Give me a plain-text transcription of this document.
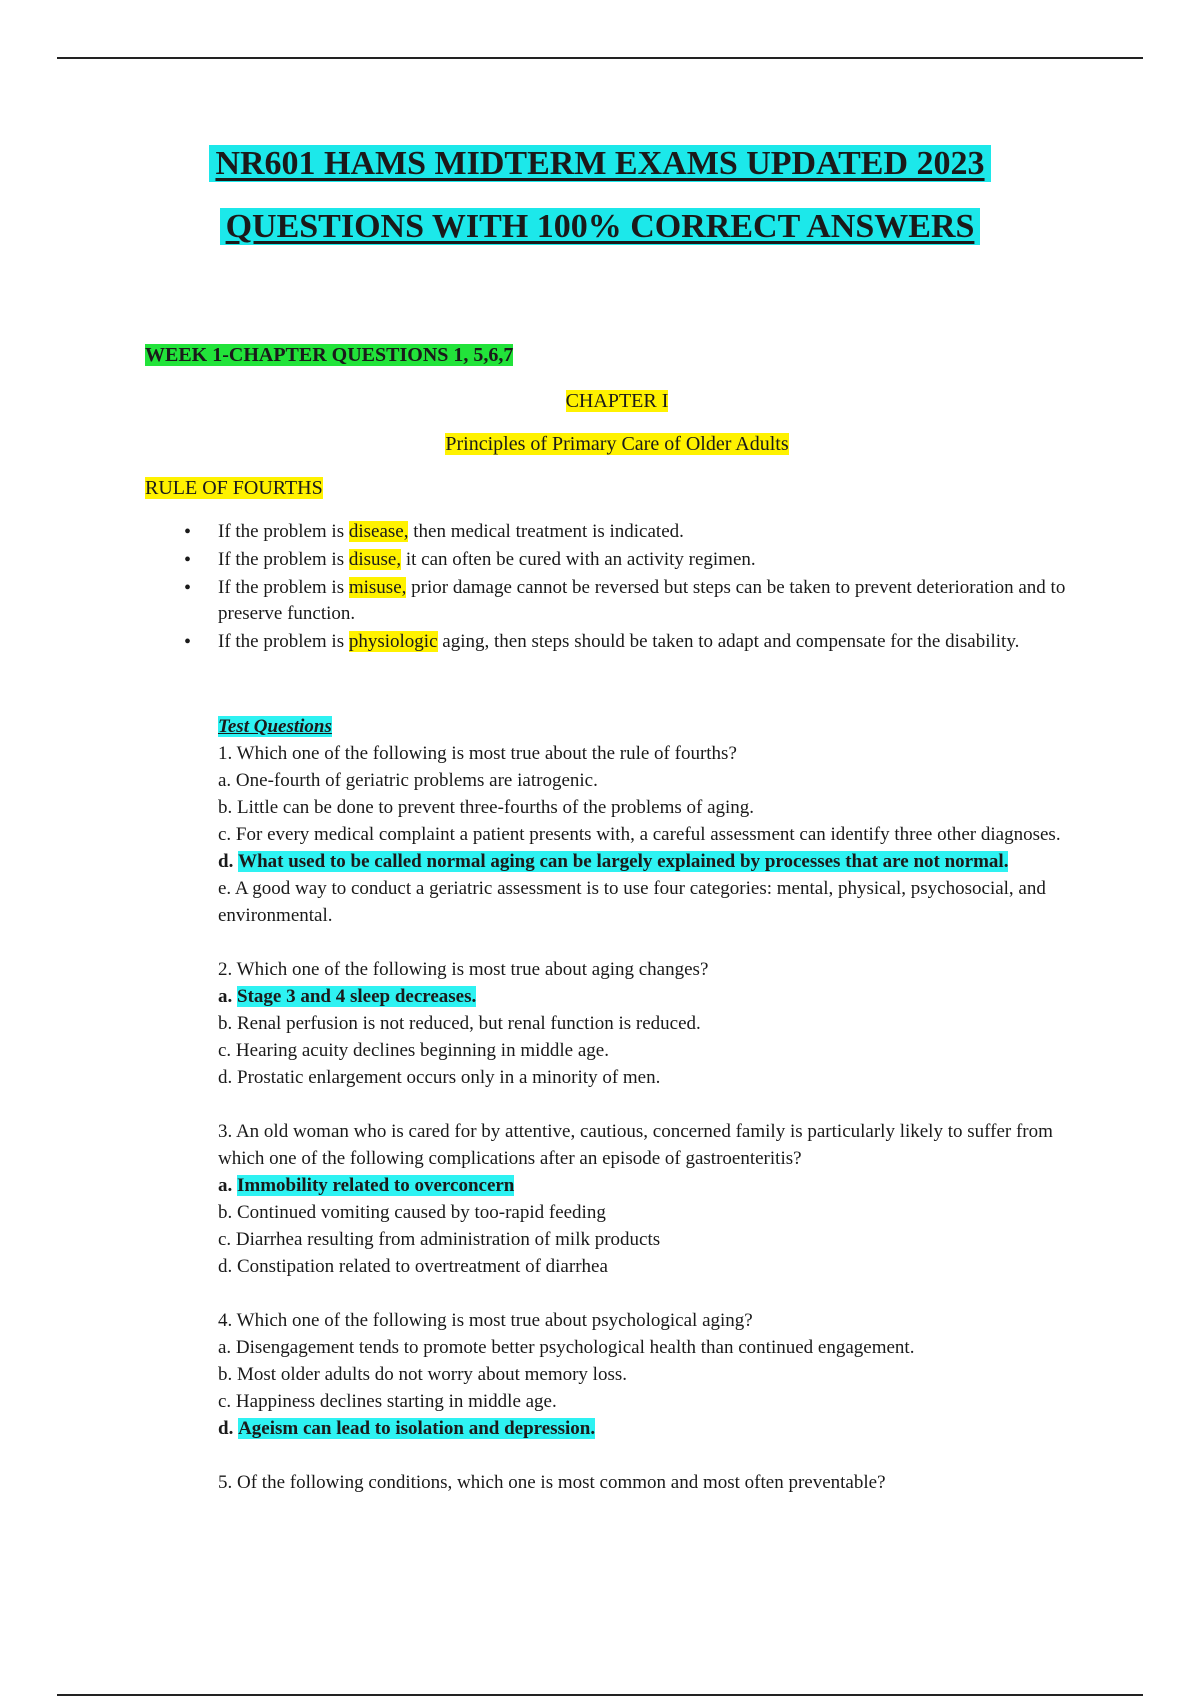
NR601 HAMS MIDTERM EXAMS UPDATED 2023
QUESTIONS WITH 100% CORRECT ANSWERS
WEEK 1-CHAPTER QUESTIONS 1, 5,6,7
CHAPTER I
Principles of Primary Care of Older Adults
RULE OF FOURTHS
• If the problem is disease, then medical treatment is indicated.
• If the problem is disuse, it can often be cured with an activity regimen.
• If the problem is misuse, prior damage cannot be reversed but steps can be taken to prevent deterioration and to preserve function.
• If the problem is physiologic aging, then steps should be taken to adapt and compensate for the disability.

Test Questions

1. Which one of the following is most true about the rule of fourths?

a. One-fourth of geriatric problems are iatrogenic.

b. Little can be done to prevent three-fourths of the problems of aging.

c. For every medical complaint a patient presents with, a careful assessment can identify three other diagnoses.

d. What used to be called normal aging can be largely explained by processes that are not normal.

e. A good way to conduct a geriatric assessment is to use four categories: mental, physical, psychosocial, and environmental.

2. Which one of the following is most true about aging changes?

a. Stage 3 and 4 sleep decreases.

b. Renal perfusion is not reduced, but renal function is reduced.

c. Hearing acuity declines beginning in middle age.

d. Prostatic enlargement occurs only in a minority of men.

3. An old woman who is cared for by attentive, cautious, concerned family is particularly likely to suffer from which one of the following complications after an episode of gastroenteritis?

a. Immobility related to overconcern

b. Continued vomiting caused by too-rapid feeding

c. Diarrhea resulting from administration of milk products

d. Constipation related to overtreatment of diarrhea

4. Which one of the following is most true about psychological aging?

a. Disengagement tends to promote better psychological health than continued engagement.

b. Most older adults do not worry about memory loss.

c. Happiness declines starting in middle age.

d. Ageism can lead to isolation and depression.

5. Of the following conditions, which one is most common and most often preventable?
